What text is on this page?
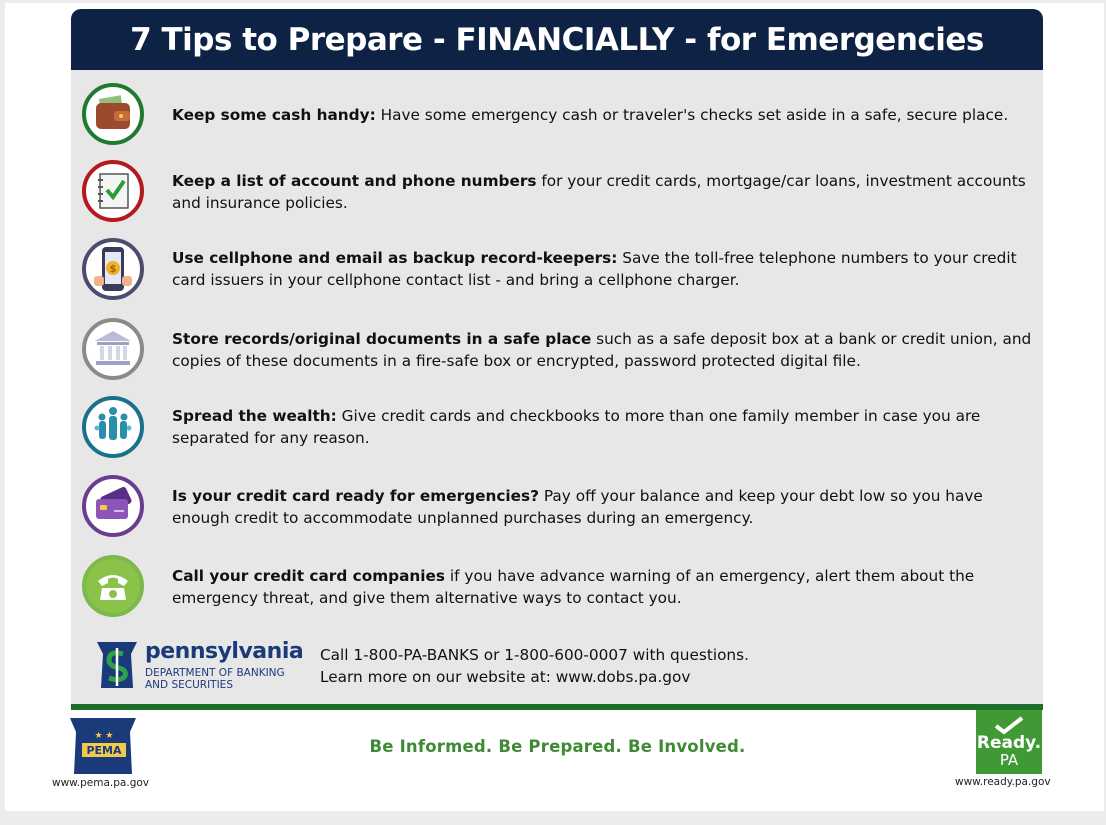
7 Tips to Prepare - FINANCIALLY - for Emergencies
Keep some cash handy: Have some emergency cash or traveler's checks set aside in a safe, secure place.
Keep a list of account and phone numbers for your credit cards, mortgage/car loans, investment accounts and insurance policies.
$
Use cellphone and email as backup record-keepers: Save the toll-free telephone numbers to your credit card issuers in your cellphone contact list - and bring a cellphone charger.
Store records/original documents in a safe place such as a safe deposit box at a bank or credit union, and copies of these documents in a fire-safe box or encrypted, password protected digital file.
Spread the wealth: Give credit cards and checkbooks to more than one family member in case you are separated for any reason.
Is your credit card ready for emergencies? Pay off your balance and keep your debt low so you have enough credit to accommodate unplanned purchases during an emergency.
Call your credit card companies if you have advance warning of an emergency, alert them about the emergency threat, and give them alternative ways to contact you.
pennsylvania
DEPARTMENT OF BANKING
AND SECURITIES
Call 1-800-PA-BANKS or 1-800-600-0007 with questions.
Learn more on our website at: www.dobs.pa.gov
★ ★
PEMA
www.pema.pa.gov
Be Informed. Be Prepared. Be Involved.	Ready.
PA
www.ready.pa.gov
